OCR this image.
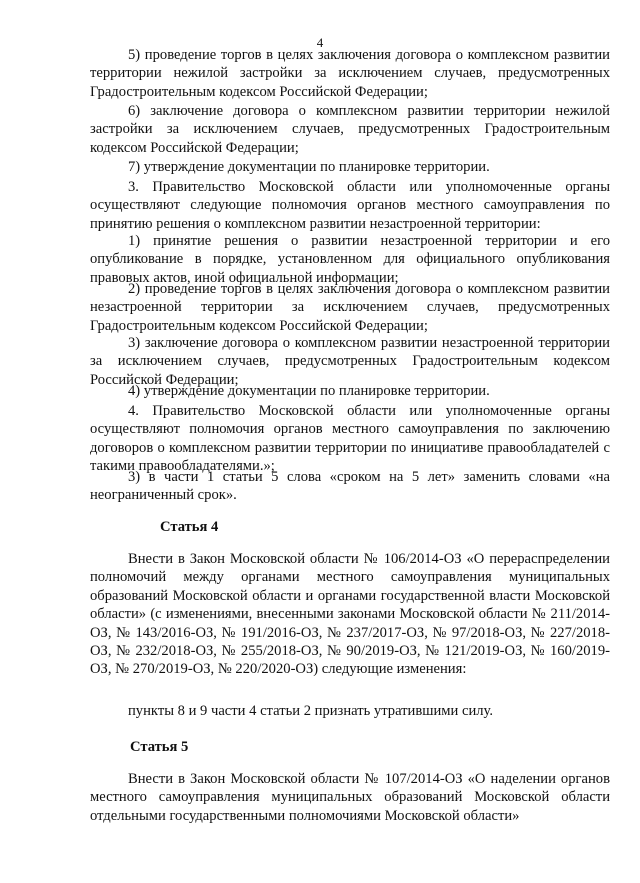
4
5) проведение торгов в целях заключения договора о комплексном развитии территории нежилой застройки за исключением случаев, предусмотренных Градостроительным кодексом Российской Федерации;
6) заключение договора о комплексном развитии территории нежилой застройки за исключением случаев, предусмотренных Градостроительным кодексом Российской Федерации;
7) утверждение документации по планировке территории.
3. Правительство Московской области или уполномоченные органы осуществляют следующие полномочия органов местного самоуправления по принятию решения о комплексном развитии незастроенной территории:
1) принятие решения о развитии незастроенной территории и его опубликование в порядке, установленном для официального опубликования правовых актов, иной официальной информации;
2) проведение торгов в целях заключения договора о комплексном развитии незастроенной территории за исключением случаев, предусмотренных Градостроительным кодексом Российской Федерации;
3) заключение договора о комплексном развитии незастроенной территории за исключением случаев, предусмотренных Градостроительным кодексом Российской Федерации;
4) утверждение документации по планировке территории.
4. Правительство Московской области или уполномоченные органы осуществляют полномочия органов местного самоуправления по заключению договоров о комплексном развитии территории по инициативе правообладателей с такими правообладателями.»;
3) в части 1 статьи 5 слова «сроком на 5 лет» заменить словами «на неограниченный срок».
Статья 4
Внести в Закон Московской области № 106/2014-ОЗ «О перераспределении полномочий между органами местного самоуправления муниципальных образований Московской области и органами государственной власти Московской области» (с изменениями, внесенными законами Московской области № 211/2014-ОЗ, № 143/2016-ОЗ, № 191/2016-ОЗ, № 237/2017-ОЗ, № 97/2018-ОЗ, № 227/2018-ОЗ, № 232/2018-ОЗ, № 255/2018-ОЗ, № 90/2019-ОЗ, № 121/2019-ОЗ, № 160/2019-ОЗ, № 270/2019-ОЗ, № 220/2020-ОЗ) следующие изменения:
пункты 8 и 9 части 4 статьи 2 признать утратившими силу.
Статья 5
Внести в Закон Московской области № 107/2014-ОЗ «О наделении органов местного самоуправления муниципальных образований Московской области отдельными государственными полномочиями Московской области»
